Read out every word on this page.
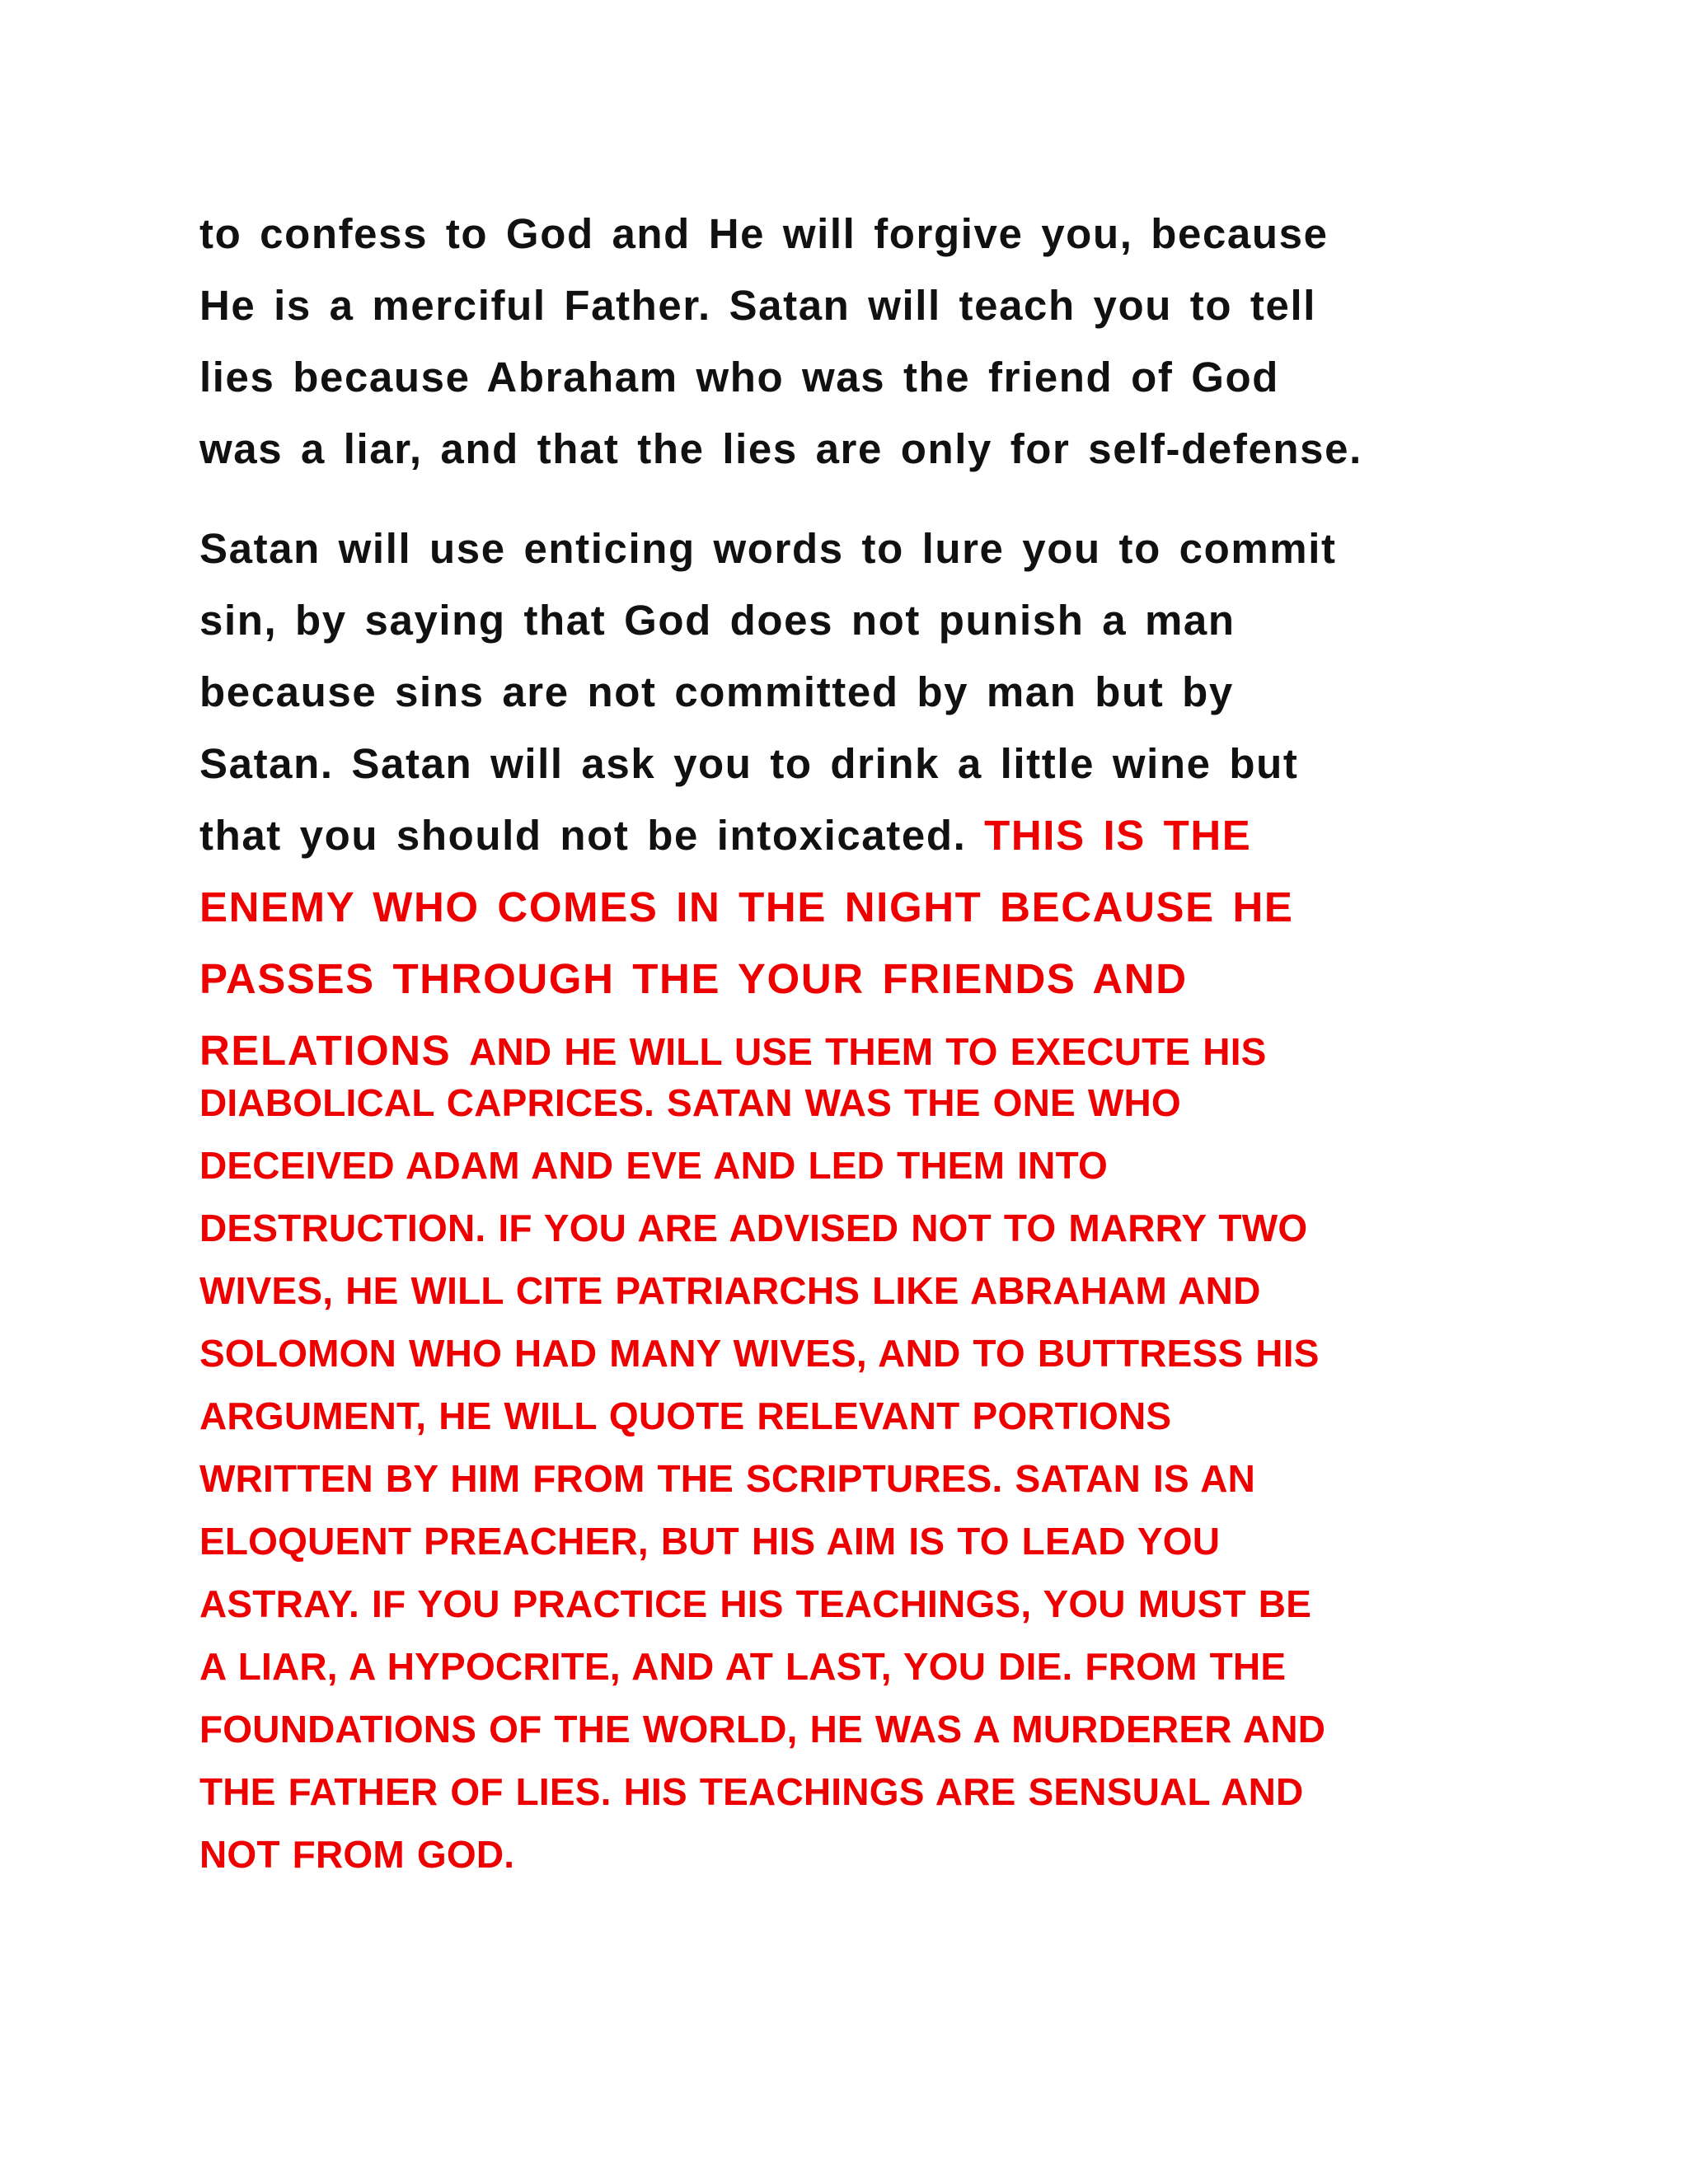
to confess to God and He will forgive you, because
He is a merciful Father. Satan will teach you to tell
lies because Abraham who was the friend of God
was a liar, and that the lies are only for self-defense.
Satan will use enticing words to lure you to commit
sin, by saying that God does not punish a man
because sins are not committed by man but by
Satan. Satan will ask you to drink a little wine but
that you should not be intoxicated. THIS IS THE
ENEMY WHO COMES IN THE NIGHT BECAUSE HE
PASSES THROUGH THE YOUR FRIENDS AND
RELATIONS AND HE WILL USE THEM TO EXECUTE HIS
DIABOLICAL CAPRICES. SATAN WAS THE ONE WHO
DECEIVED ADAM AND EVE AND LED THEM INTO
DESTRUCTION. IF YOU ARE ADVISED NOT TO MARRY TWO
WIVES, HE WILL CITE PATRIARCHS LIKE ABRAHAM AND
SOLOMON WHO HAD MANY WIVES, AND TO BUTTRESS HIS
ARGUMENT, HE WILL QUOTE RELEVANT PORTIONS
WRITTEN BY HIM FROM THE SCRIPTURES. SATAN IS AN
ELOQUENT PREACHER, BUT HIS AIM IS TO LEAD YOU
ASTRAY. IF YOU PRACTICE HIS TEACHINGS, YOU MUST BE
A LIAR, A HYPOCRITE, AND AT LAST, YOU DIE. FROM THE
FOUNDATIONS OF THE WORLD, HE WAS A MURDERER AND
THE FATHER OF LIES. HIS TEACHINGS ARE SENSUAL AND
NOT FROM GOD.
